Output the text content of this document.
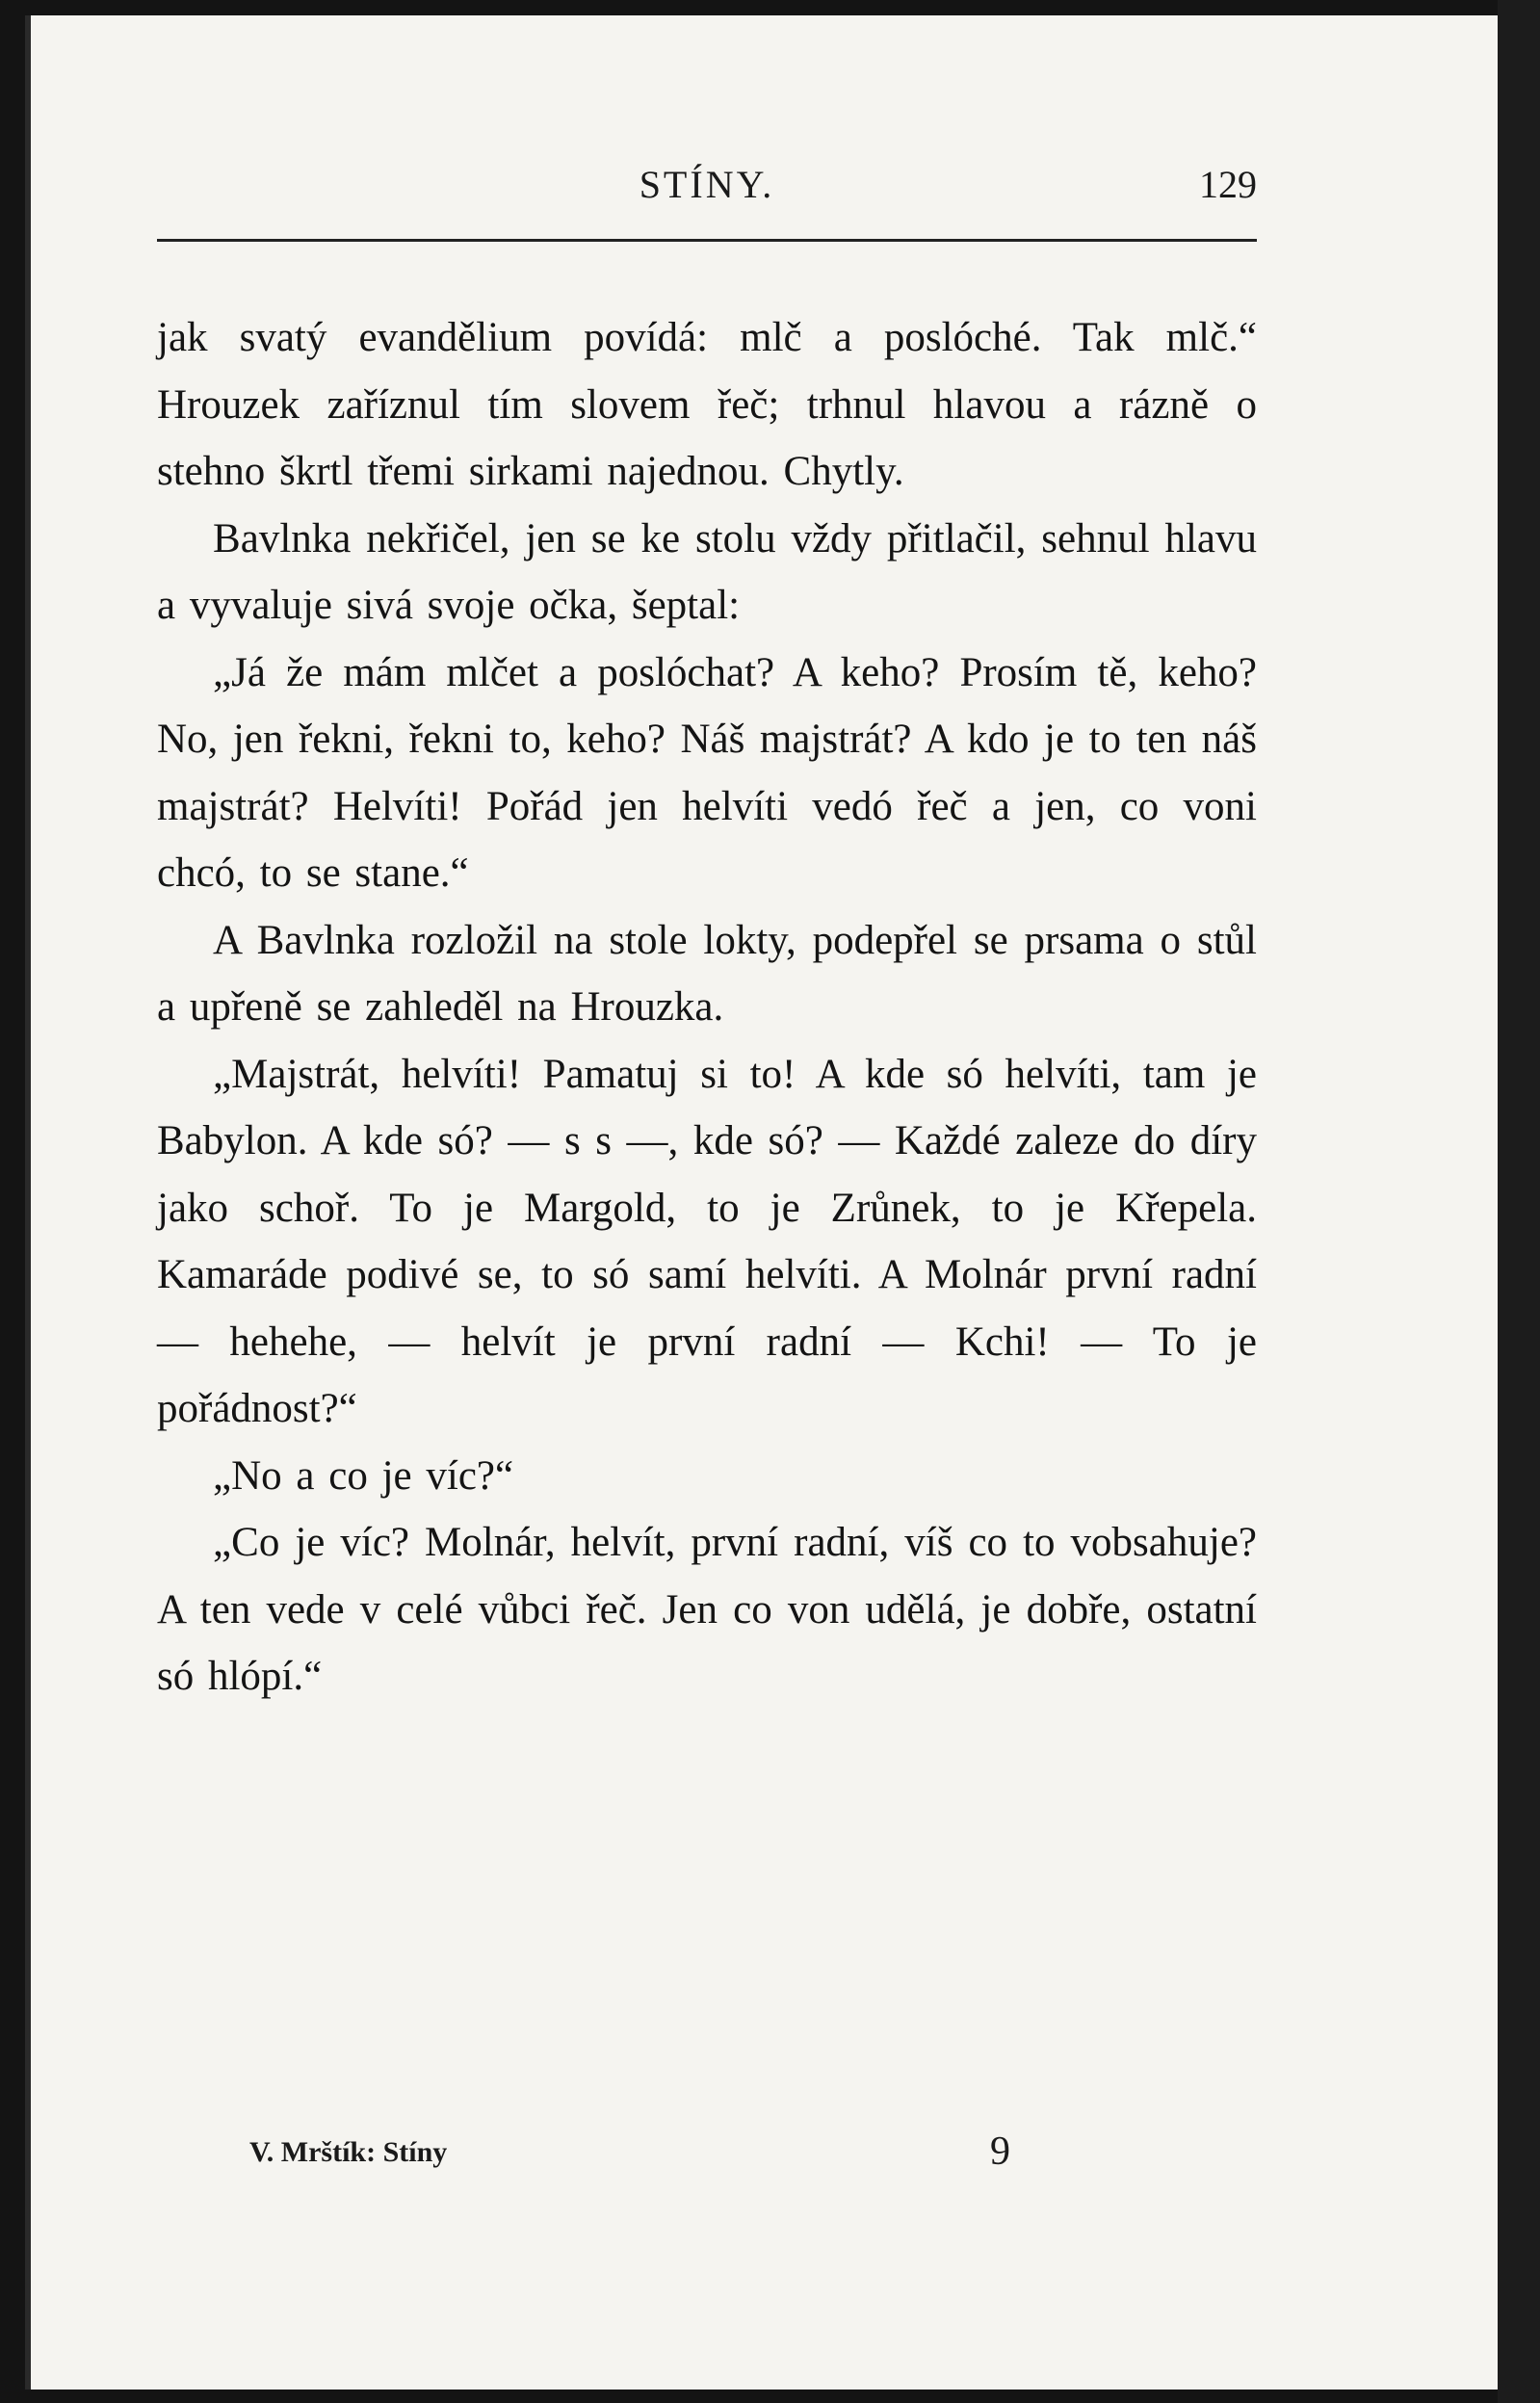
STÍNY.	129

jak svatý evandělium povídá: mlč a poslóché. Tak mlč.“ Hrouzek zaříznul tím slovem řeč; trhnul hlavou a rázně o stehno škrtl třemi sirkami najednou. Chytly.

Bavlnka nekřičel, jen se ke stolu vždy přitlačil, sehnul hlavu a vyvaluje sivá svoje očka, šeptal:

„Já že mám mlčet a poslóchat? A keho? Prosím tě, keho? No, jen řekni, řekni to, keho? Náš majstrát? A kdo je to ten náš majstrát? Helvíti! Pořád jen helvíti vedó řeč a jen, co voni chcó, to se stane.“

A Bavlnka rozložil na stole lokty, podepřel se prsama o stůl a upřeně se zahleděl na Hrouzka.

„Majstrát, helvíti! Pamatuj si to! A kde só helvíti, tam je Babylon. A kde só? — s s —, kde só? — Každé zaleze do díry jako schoř. To je Margold, to je Zrůnek, to je Křepela. Kamaráde podivé se, to só samí helvíti. A Molnár první radní — hehehe, — helvít je první radní — Kchi! — To je pořádnost?“

„No a co je víc?“

„Co je víc? Molnár, helvít, první radní, víš co to vobsahuje? A ten vede v celé vůbci řeč. Jen co von udělá, je dobře, ostatní só hlópí.“

V. Mrštík: Stíny	9
